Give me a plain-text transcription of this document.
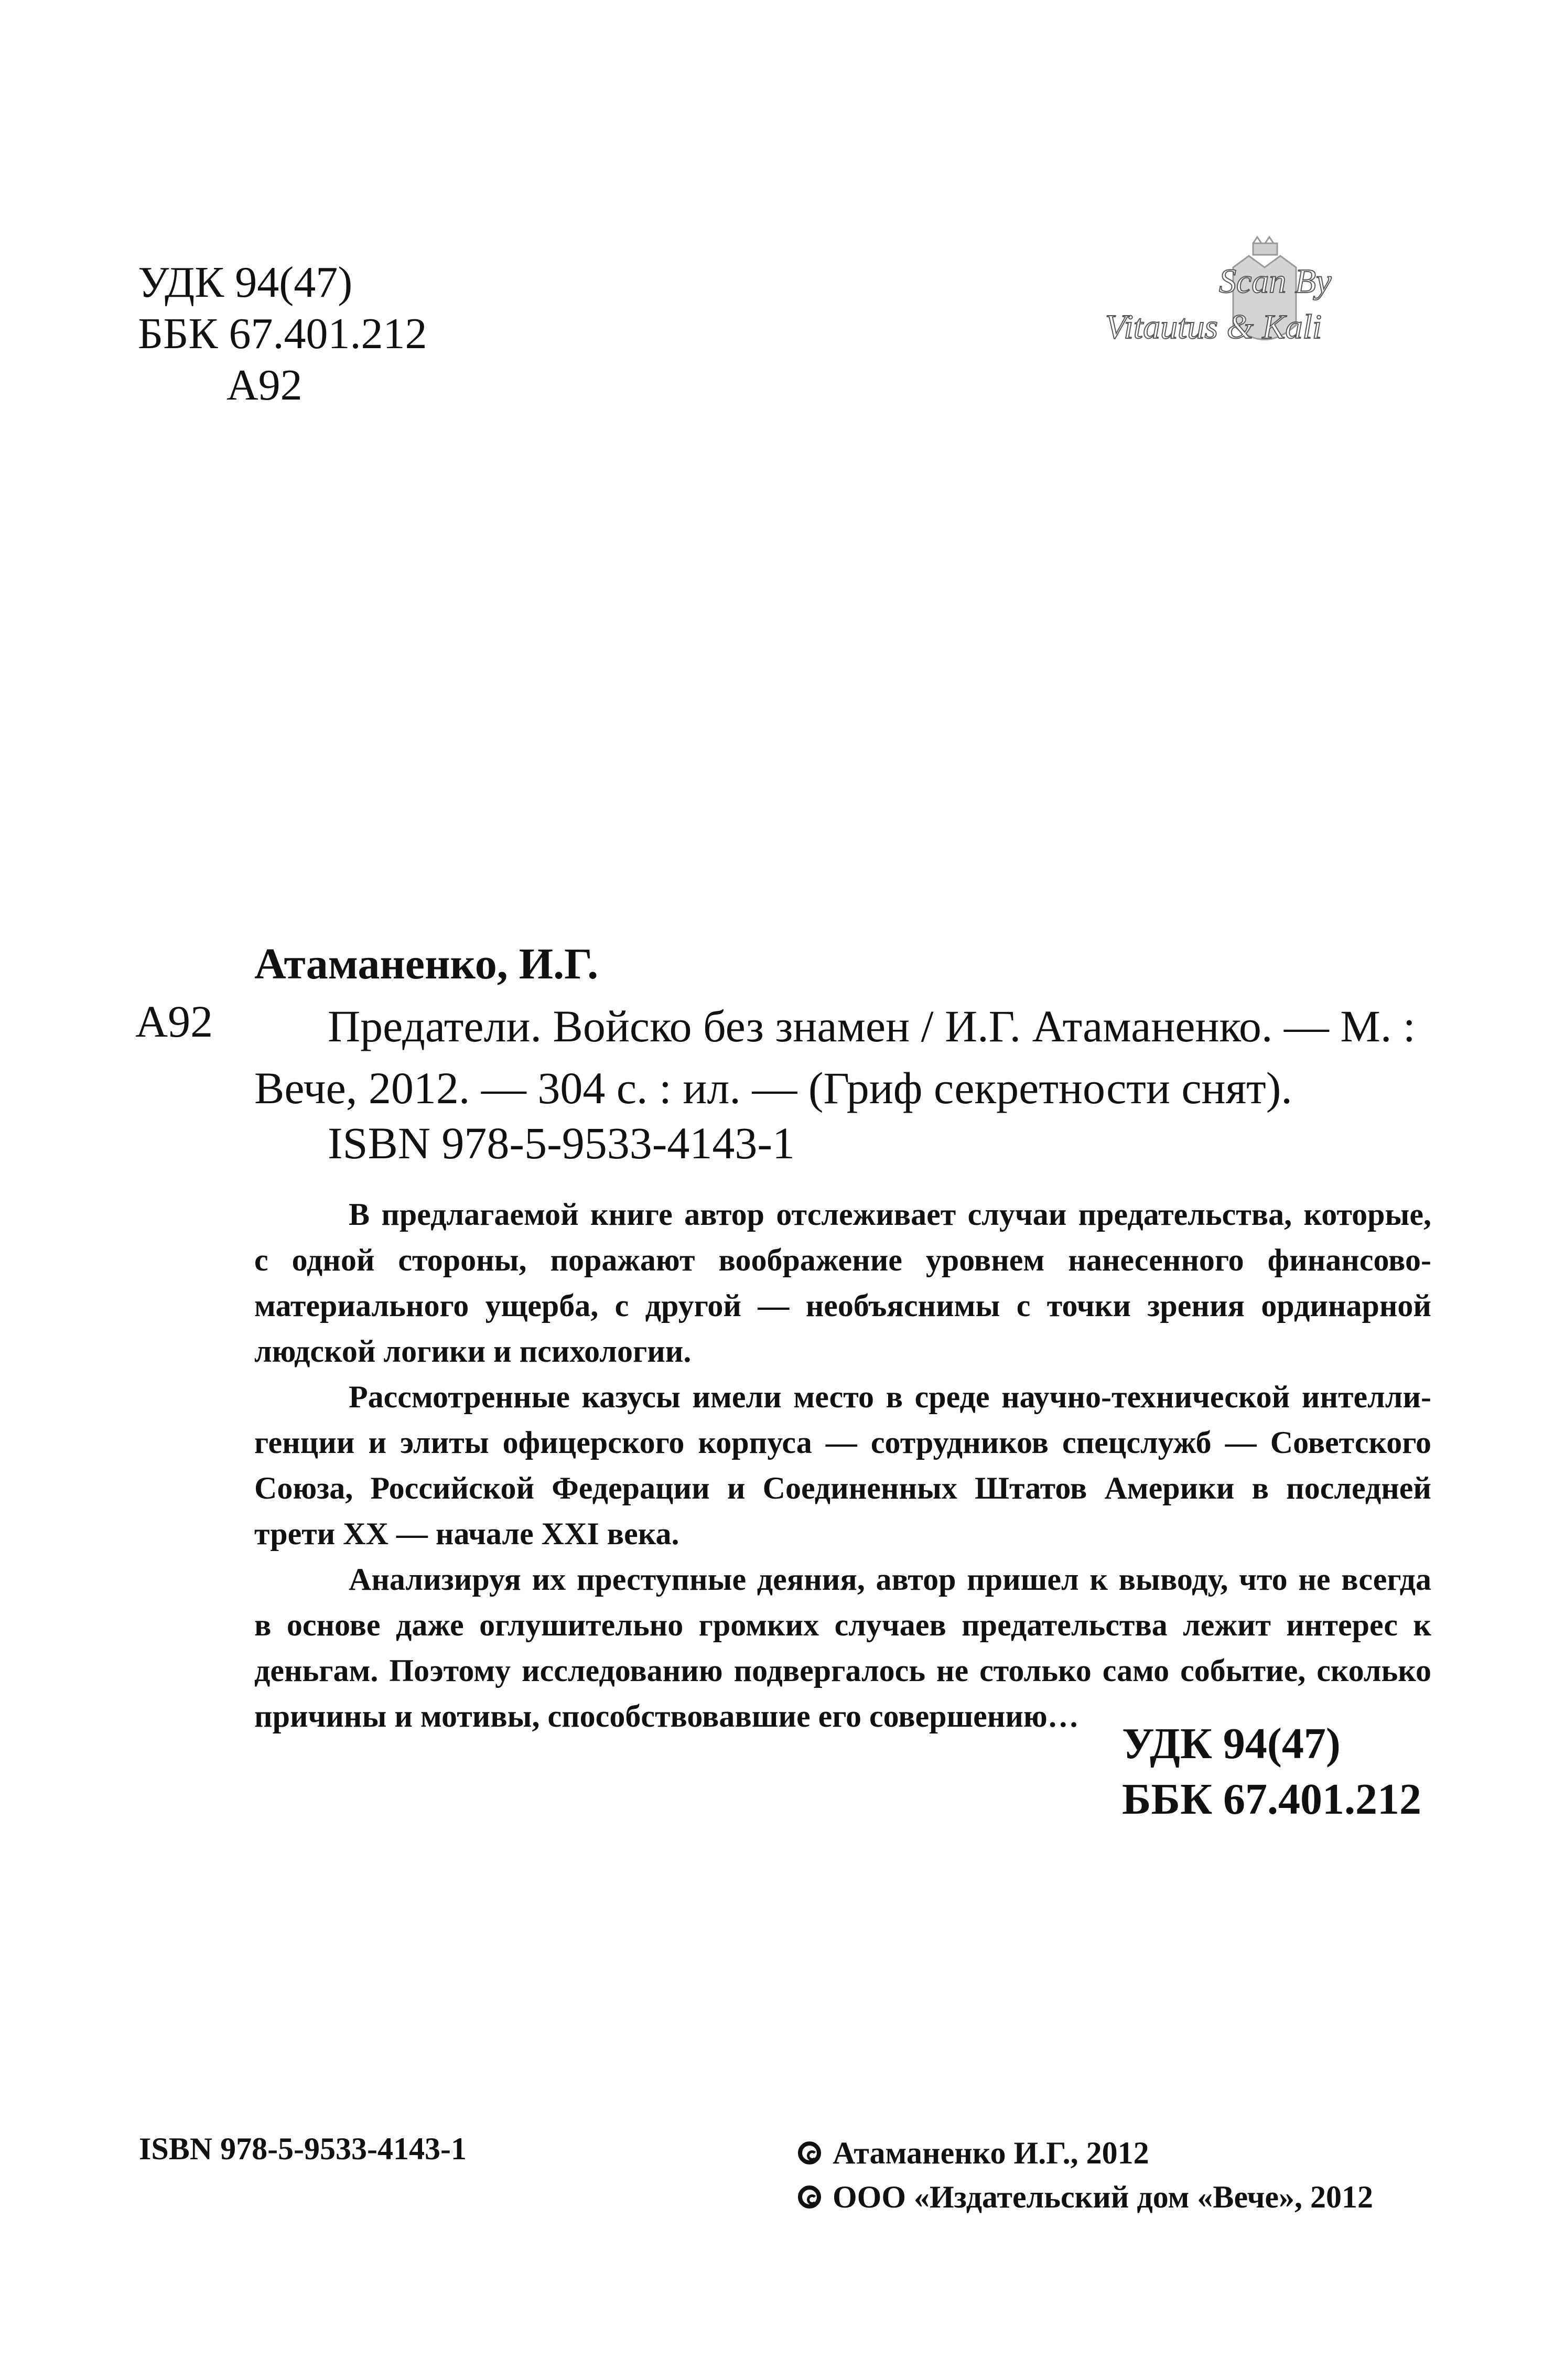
УДК 94(47)
ББК 67.401.212
А92
Scan By
Vitautus & Kali
Атаманенко, И.Г.
А92	Предатели. Войско без знамен / И.Г. Атаманенко. — М. :
Вече, 2012. — 304 с. : ил. — (Гриф секретности снят).
ISBN 978-5-9533-4143-1

В предлагаемой книге автор отслеживает случаи предательства, которые,

с одной стороны, поражают воображение уровнем нанесенного финансово-

материального ущерба, с другой — необъяснимы с точки зрения ординарной

людской логики и психологии.

Рассмотренные казусы имели место в среде научно-технической интелли-

генции и элиты офицерского корпуса — сотрудников спецслужб — Советского

Союза, Российской Федерации и Соединенных Штатов Америки в последней

трети XX — начале XXI века.

Анализируя их преступные деяния, автор пришел к выводу, что не всегда

в основе даже оглушительно громких случаев предательства лежит интерес к

деньгам. Поэтому исследованию подвергалось не столько само событие, сколько

причины и мотивы, способствовавшие его совершению…

УДК 94(47)
ББК 67.401.212
ISBN 978-5-9533-4143-1	Атаманенко И.Г., 2012
ООО «Издательский дом «Вече», 2012
